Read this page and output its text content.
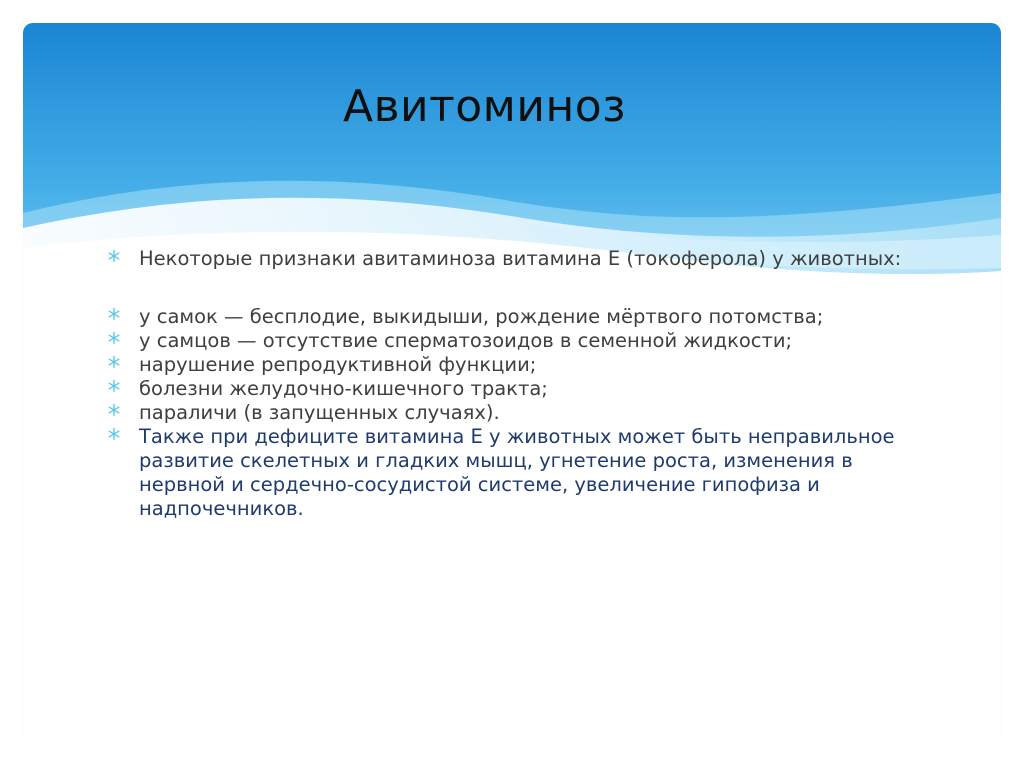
Авитоминоз
Некоторые признаки авитаминоза витамина Е (токоферола) у животных:
у самок — бесплодие, выкидыши, рождение мёртвого потомства;
у самцов — отсутствие сперматозоидов в семенной жидкости;
нарушение репродуктивной функции;
болезни желудочно-кишечного тракта;
параличи (в запущенных случаях).
Также при дефиците витамина Е у животных может быть неправильное развитие скелетных и гладких мышц, угнетение роста, изменения в нервной и сердечно-сосудистой системе, увеличение гипофиза и надпочечников.
